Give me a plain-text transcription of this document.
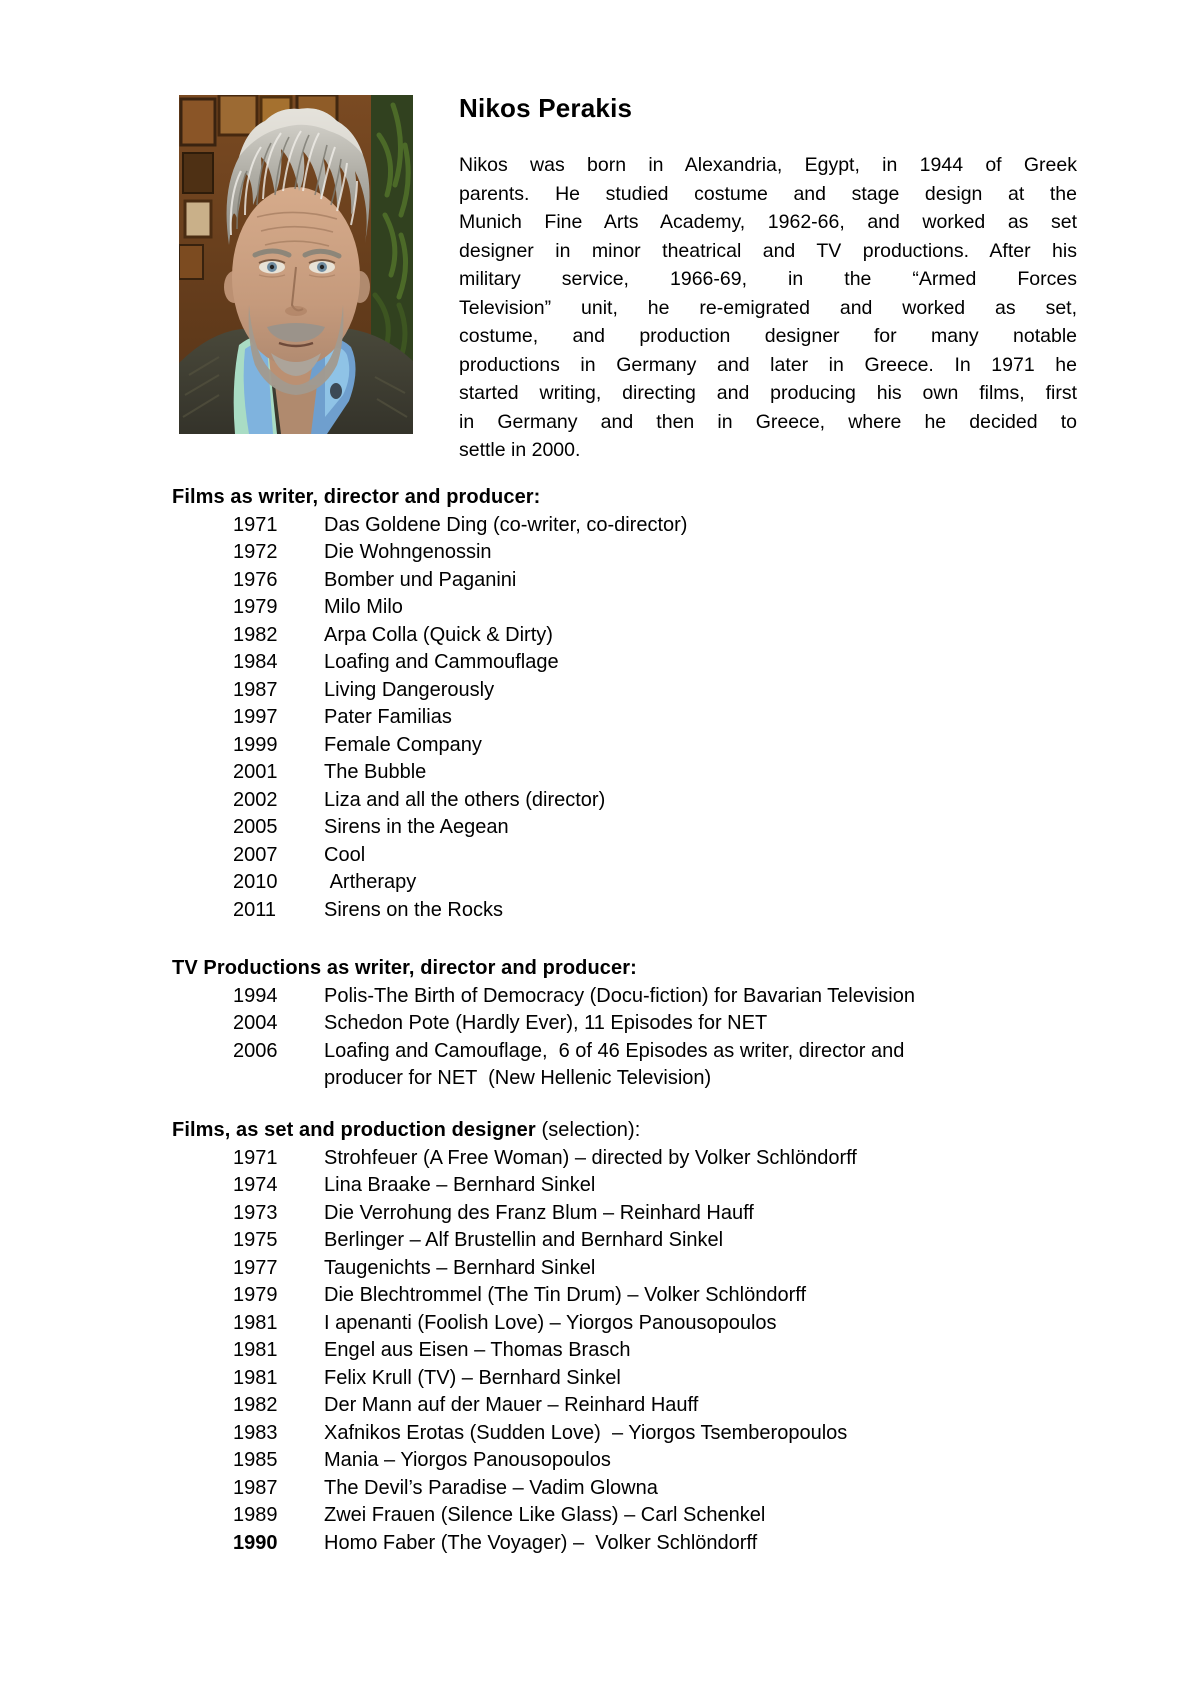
Nikos Perakis
Nikos was born in Alexandria, Egypt, in 1944 of Greek
parents. He studied costume and stage design at the
Munich Fine Arts Academy, 1962-66, and worked as set
designer in minor theatrical and TV productions. After his
military service, 1966-69, in the “Armed Forces
Television” unit, he re-emigrated and worked as set,
costume, and production designer for many notable
productions in Germany and later in Greece. In 1971 he
started writing, directing and producing his own films, first
in Germany and then in Greece, where he decided to
settle in 2000.
Films as writer, director and producer:
1971	Das Goldene Ding (co-writer, co-director)
1972	Die Wohngenossin
1976	Bomber und Paganini
1979	Milo Milo
1982	Arpa Colla (Quick & Dirty)
1984	Loafing and Cammouflage
1987	Living Dangerously
1997	Pater Familias
1999	Female Company
2001	The Bubble
2002	Liza and all the others (director)
2005	Sirens in the Aegean
2007	Cool
2010	Artherapy
2011	Sirens on the Rocks
TV Productions as writer, director and producer:
1994	Polis-The Birth of Democracy (Docu-fiction) for Bavarian Television
2004	Schedon Pote (Hardly Ever), 11 Episodes for NET
2006	Loafing and Camouflage,  6 of 46 Episodes as writer, director and
producer for NET  (New Hellenic Television)
Films, as set and production designer (selection):
1971	Strohfeuer (A Free Woman) – directed by Volker Schlöndorff
1974	Lina Braake – Bernhard Sinkel
1973	Die Verrohung des Franz Blum – Reinhard Hauff
1975	Berlinger – Alf Brustellin and Bernhard Sinkel
1977	Taugenichts – Bernhard Sinkel
1979	Die Blechtrommel (The Tin Drum) – Volker Schlöndorff
1981	I apenanti (Foolish Love) – Yiorgos Panousopoulos
1981	Engel aus Eisen – Thomas Brasch
1981	Felix Krull (TV) – Bernhard Sinkel
1982	Der Mann auf der Mauer – Reinhard Hauff
1983	Xafnikos Erotas (Sudden Love)  – Yiorgos Tsemberopoulos
1985	Mania – Yiorgos Panousopoulos
1987	The Devil’s Paradise – Vadim Glowna
1989	Zwei Frauen (Silence Like Glass) – Carl Schenkel
1990	Homo Faber (The Voyager) –  Volker Schlöndorff
